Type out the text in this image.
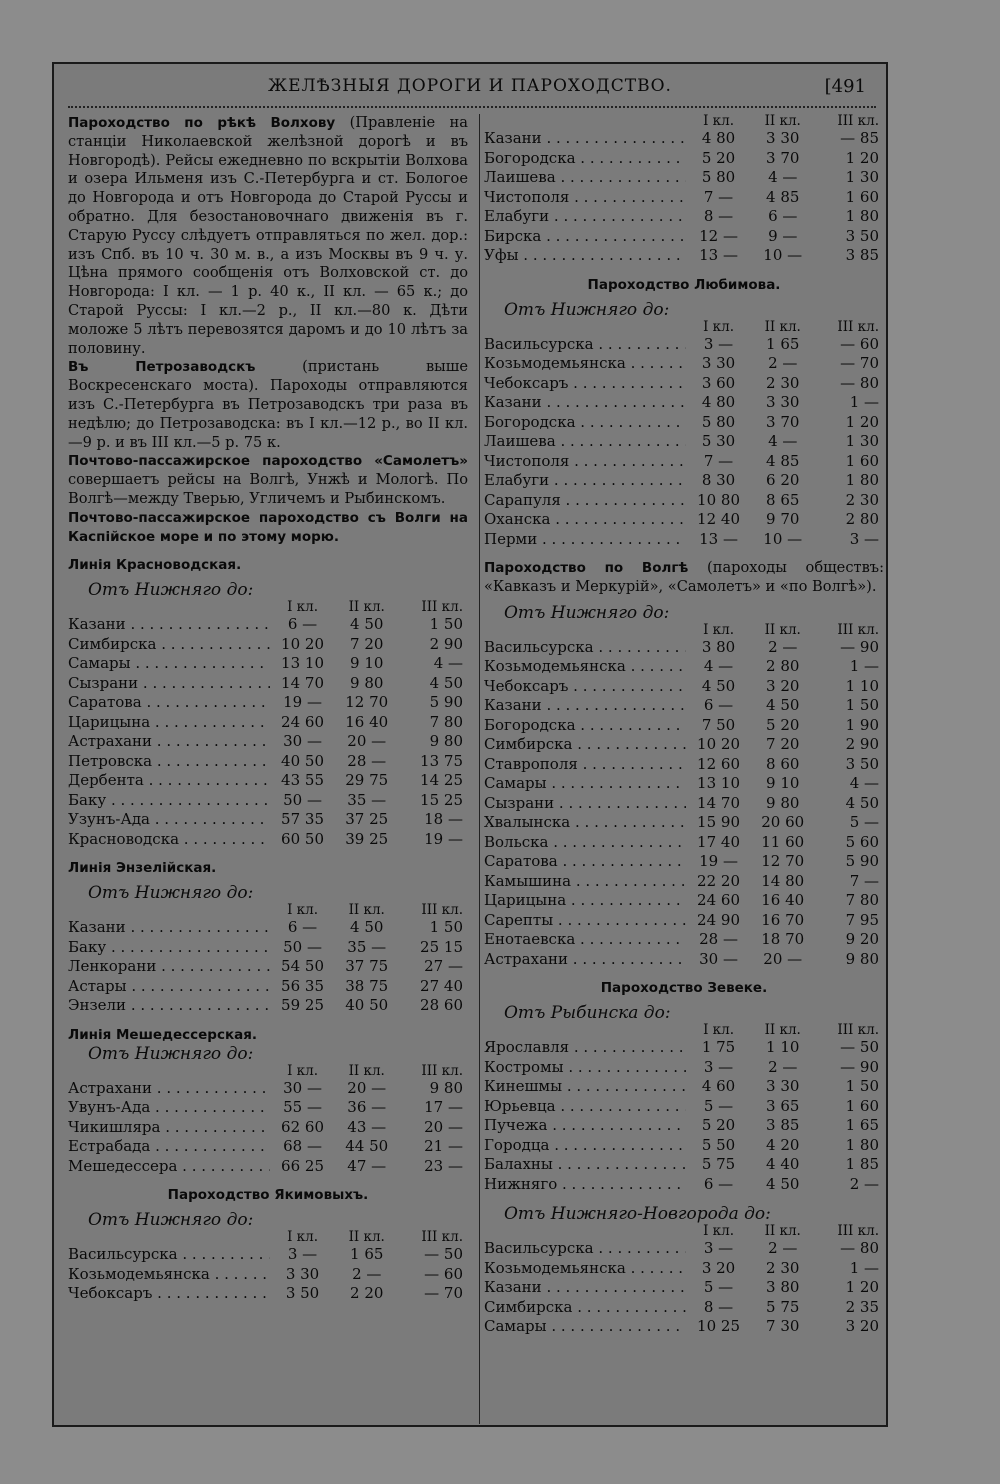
ЖЕЛѢЗНЫЯ ДОРОГИ И ПАРОХОДСТВО.	[491

Пароходство по рѣкѣ Волхову (Правленіе на станціи Николаевской желѣзной дорогѣ и въ Новгородѣ). Рейсы ежедневно по вскрытіи Волхова и озера Ильменя изъ С.-Петербурга и ст. Бологое до Новгорода и отъ Новгорода до Старой Руссы и обратно. Для безостановочнаго движенія въ г. Старую Руссу слѣдуетъ отправляться по жел. дор.: изъ Спб. въ 10 ч. 30 м. в., а изъ Москвы въ 9 ч. у. Цѣна прямого сообщенія отъ Волховской ст. до Новгорода: I кл. — 1 р. 40 к., II кл. — 65 к.; до Старой Руссы: I кл.—2 р., II кл.—80 к. Дѣти моложе 5 лѣтъ перевозятся даромъ и до 10 лѣтъ за половину.

Въ Петрозаводскъ (пристань выше Воскресенскаго моста). Пароходы отправляются изъ С.-Петербурга въ Петрозаводскъ три раза въ недѣлю; до Петрозаводска: въ I кл.—12 р., во II кл.—9 р. и въ III кл.—5 р. 75 к.

Почтово-пассажирское пароходство «Самолетъ» совершаетъ рейсы на Волгѣ, Унжѣ и Мологѣ. По Волгѣ—между Тверью, Угличемъ и Рыбинскомъ.

Почтово-пассажирское пароходство съ Волги на Каспійское море и по этому морю.

Линія Красноводская.

Отъ Нижняго до:

I кл.	II кл.	III кл.
Казани . . .	6 —	4 50	1 50
Симбирска . . .	10 20	7 20	2 90
Самары . . .	13 10	9 10	4 —
Сызрани . . .	14 70	9 80	4 50
Саратова . . .	19 —	12 70	5 90
Царицына . . .	24 60	16 40	7 80
Астрахани . . .	30 —	20 —	9 80
Петровска . . .	40 50	28 —	13 75
Дербента . . .	43 55	29 75	14 25
Баку . . .	50 —	35 —	15 25
Узунъ-Ада . . .	57 35	37 25	18 —
Красноводска . . .	60 50	39 25	19 —

Линія Энзелійская.

Отъ Нижняго до:

I кл.	II кл.	III кл.
Казани . . .	6 —	4 50	1 50
Баку . . .	50 —	35 —	25 15
Ленкорани . . .	54 50	37 75	27 —
Астары . . .	56 35	38 75	27 40
Энзели . . .	59 25	40 50	28 60

Линія Мешедессерская.

Отъ Нижняго до:

I кл.	II кл.	III кл.
Астрахани . . .	30 —	20 —	9 80
Увунъ-Ада . . .	55 —	36 —	17 —
Чикишляра . . .	62 60	43 —	20 —
Естрабада . . .	68 —	44 50	21 —
Мешедессера . . .	66 25	47 —	23 —

Пароходство Якимовыхъ.

Отъ Нижняго до:

I кл.	II кл.	III кл.
Васильсурска . . .	3 —	1 65	— 50
Козьмодемьянска . . .	3 30	2 —	— 60
Чебоксаръ . . .	3 50	2 20	— 70
I кл.	II кл.	III кл.
Казани . . .	4 80	3 30	— 85
Богородска . . .	5 20	3 70	1 20
Лаишева . . .	5 80	4 —	1 30
Чистополя . . .	7 —	4 85	1 60
Елабуги . . .	8 —	6 —	1 80
Бирска . . .	12 —	9 —	3 50
Уфы . . .	13 —	10 —	3 85

Пароходство Любимова.

Отъ Нижняго до:

I кл.	II кл.	III кл.
Васильсурска . . .	3 —	1 65	— 60
Козьмодемьянска . . .	3 30	2 —	— 70
Чебоксаръ . . .	3 60	2 30	— 80
Казани . . .	4 80	3 30	1 —
Богородска . . .	5 80	3 70	1 20
Лаишева . . .	5 30	4 —	1 30
Чистополя . . .	7 —	4 85	1 60
Елабуги . . .	8 30	6 20	1 80
Сарапуля . . .	10 80	8 65	2 30
Оханска . . .	12 40	9 70	2 80
Перми . . .	13 —	10 —	3 —

Пароходство по Волгѣ (пароходы обществъ: «Кавказъ и Меркурій», «Самолетъ» и «по Волгѣ»).

Отъ Нижняго до:

I кл.	II кл.	III кл.
Васильсурска . . .	3 80	2 —	— 90
Козьмодемьянска . . .	4 —	2 80	1 —
Чебоксаръ . . .	4 50	3 20	1 10
Казани . . .	6 —	4 50	1 50
Богородска . . .	7 50	5 20	1 90
Симбирска . . .	10 20	7 20	2 90
Ставрополя . . .	12 60	8 60	3 50
Самары . . .	13 10	9 10	4 —
Сызрани . . .	14 70	9 80	4 50
Хвалынска . . .	15 90	20 60	5 —
Вольска . . .	17 40	11 60	5 60
Саратова . . .	19 —	12 70	5 90
Камышина . . .	22 20	14 80	7 —
Царицына . . .	24 60	16 40	7 80
Сарепты . . .	24 90	16 70	7 95
Енотаевска . . .	28 —	18 70	9 20
Астрахани . . .	30 —	20 —	9 80

Пароходство Зевеке.

Отъ Рыбинска до:

I кл.	II кл.	III кл.
Ярославля . . .	1 75	1 10	— 50
Костромы . . .	3 —	2 —	— 90
Кинешмы . . .	4 60	3 30	1 50
Юрьевца . . .	5 —	3 65	1 60
Пучежа . . .	5 20	3 85	1 65
Городца . . .	5 50	4 20	1 80
Балахны . . .	5 75	4 40	1 85
Нижняго . . .	6 —	4 50	2 —

Отъ Нижняго-Новгорода до:

I кл.	II кл.	III кл.
Васильсурска . . .	3 —	2 —	— 80
Козьмодемьянска . . .	3 20	2 30	1 —
Казани . . .	5 —	3 80	1 20
Симбирска . . .	8 —	5 75	2 35
Самары . . .	10 25	7 30	3 20
